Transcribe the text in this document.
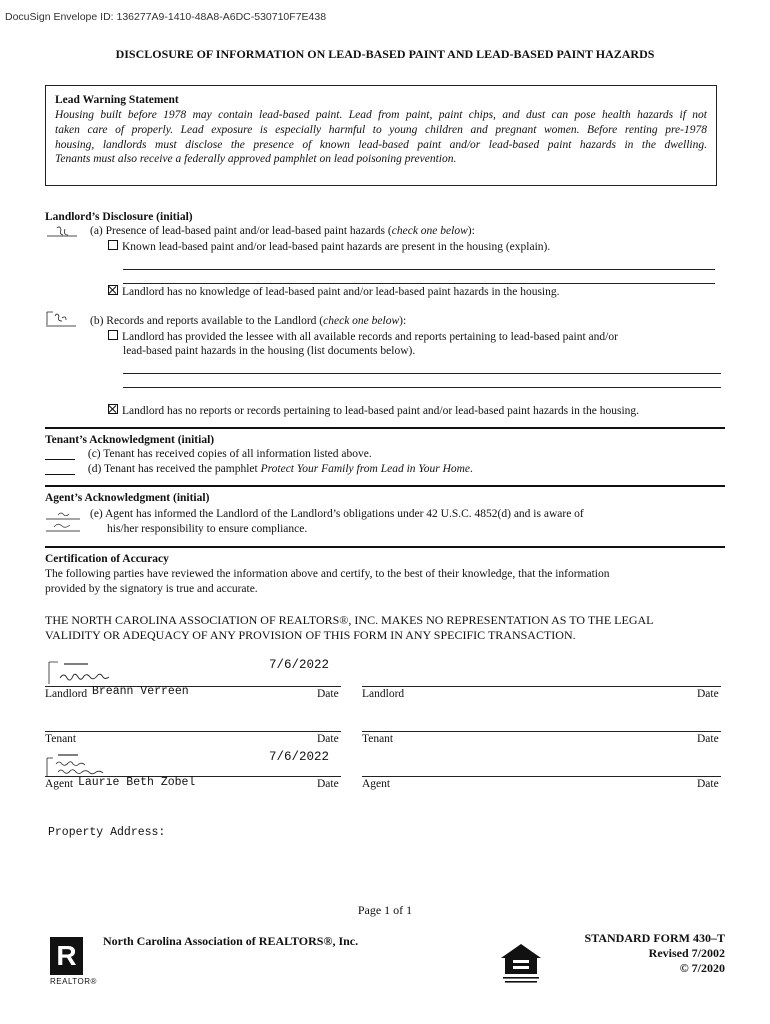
DocuSign Envelope ID: 136277A9-1410-48A8-A6DC-530710F7E438
DISCLOSURE OF INFORMATION ON LEAD-BASED PAINT AND LEAD-BASED PAINT HAZARDS
Lead Warning Statement
Housing built before 1978 may contain lead-based paint. Lead from paint, paint chips, and dust can pose health hazards if not
taken care of properly. Lead exposure is especially harmful to young children and pregnant women. Before renting pre-1978
housing, landlords must disclose the presence of known lead-based paint and/or lead-based paint hazards in the dwelling.
Tenants must also receive a federally approved pamphlet on lead poisoning prevention.
Landlord’s Disclosure (initial)
(a) Presence of lead-based paint and/or lead-based paint hazards (check one below):
Known lead-based paint and/or lead-based paint hazards are present in the housing (explain).
Landlord has no knowledge of lead-based paint and/or lead-based paint hazards in the housing.
(b) Records and reports available to the Landlord (check one below):
Landlord has provided the lessee with all available records and reports pertaining to lead-based paint and/or
lead-based paint hazards in the housing (list documents below).
Landlord has no reports or records pertaining to lead-based paint and/or lead-based paint hazards in the housing.
Tenant’s Acknowledgment (initial)
(c) Tenant has received copies of all information listed above.
(d) Tenant has received the pamphlet Protect Your Family from Lead in Your Home.
Agent’s Acknowledgment (initial)
(e) Agent has informed the Landlord of the Landlord’s obligations under 42 U.S.C. 4852(d) and is aware of
his/her responsibility to ensure compliance.
Certification of Accuracy
The following parties have reviewed the information above and certify, to the best of their knowledge, that the information
provided by the signatory is true and accurate.
THE NORTH CAROLINA ASSOCIATION OF REALTORS®, INC. MAKES NO REPRESENTATION AS TO THE LEGAL
VALIDITY OR ADEQUACY OF ANY PROVISION OF THIS FORM IN ANY SPECIFIC TRANSACTION.
7/6/2022
Landlord Breann Verreen	Date Landlord	Date
Tenant	Date Tenant	Date
7/6/2022
Agent Laurie Beth Zobel	Date Agent	Date
Property Address:
Page 1 of 1
R
REALTOR®
North Carolina Association of REALTORS®, Inc.	STANDARD FORM 430–T
Revised 7/2002
© 7/2020
